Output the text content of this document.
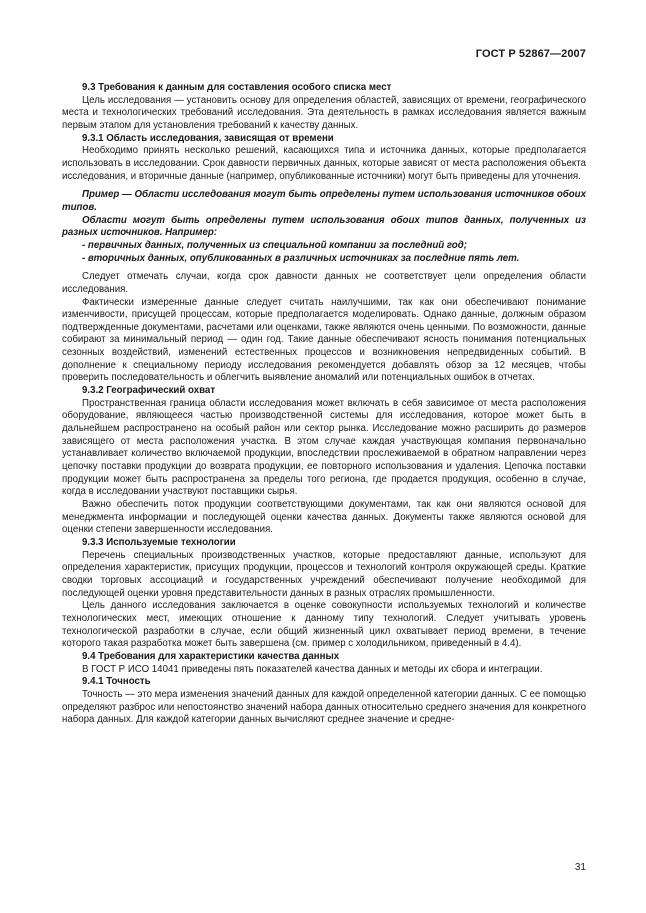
ГОСТ Р 52867—2007

9.3 Требования к данным для составления особого списка мест

Цель исследования — установить основу для определения областей, зависящих от времени, географического места и технологических требований исследования. Эта деятельность в рамках исследования является важным первым этапом для установления требований к качеству данных.

9.3.1 Область исследования, зависящая от времени

Необходимо принять несколько решений, касающихся типа и источника данных, которые предполагается использовать в исследовании. Срок давности первичных данных, которые зависят от места расположения объекта исследования, и вторичные данные (например, опубликованные источники) могут быть приведены для уточнения.

Пример — Области исследования могут быть определены путем использования источников обоих типов.

Области могут быть определены путем использования обоих типов данных, полученных из разных источников. Например:

- первичных данных, полученных из специальной компании за последний год;

- вторичных данных, опубликованных в различных источниках за последние пять лет.

Следует отмечать случаи, когда срок давности данных не соответствует цели определения области исследования.

Фактически измеренные данные следует считать наилучшими, так как они обеспечивают понимание изменчивости, присущей процессам, которые предполагается моделировать. Однако данные, должным образом подтвержденные документами, расчетами или оценками, также являются очень ценными. По возможности, данные собирают за минимальный период — один год. Такие данные обеспечивают ясность понимания потенциальных сезонных воздействий, изменений естественных процессов и возникновения непредвиденных событий. В дополнение к специальному периоду исследования рекомендуется добавлять обзор за 12 месяцев, чтобы проверить последовательность и облегчить выявление аномалий или потенциальных ошибок в отчетах.

9.3.2 Географический охват

Пространственная граница области исследования может включать в себя зависимое от места расположения оборудование, являющееся частью производственной системы для исследования, которое может быть в дальнейшем распространено на особый район или сектор рынка. Исследование можно расширить до размеров зависящего от места расположения участка. В этом случае каждая участвующая компания первоначально устанавливает количество включаемой продукции, впоследствии прослеживаемой в обратном направлении через цепочку поставки продукции до возврата продукции, ее повторного использования и удаления. Цепочка поставки продукции может быть распространена за пределы того региона, где продается продукция, особенно в случае, когда в исследовании участвуют поставщики сырья.

Важно обеспечить поток продукции соответствующими документами, так как они являются основой для менеджмента информации и последующей оценки качества данных. Документы также являются основой для оценки степени завершенности исследования.

9.3.3 Используемые технологии

Перечень специальных производственных участков, которые предоставляют данные, используют для определения характеристик, присущих продукции, процессов и технологий контроля окружающей среды. Краткие сводки торговых ассоциаций и государственных учреждений обеспечивают получение необходимой для последующей оценки уровня представительности данных в разных отраслях промышленности.

Цель данного исследования заключается в оценке совокупности используемых технологий и количестве технологических мест, имеющих отношение к данному типу технологий. Следует учитывать уровень технологической разработки в случае, если общий жизненный цикл охватывает период времени, в течение которого такая разработка может быть завершена (см. пример с холодильником, приведенный в 4.4).

9.4 Требования для характеристики качества данных

В ГОСТ Р ИСО 14041 приведены пять показателей качества данных и методы их сбора и интеграции.

9.4.1 Точность

Точность — это мера изменения значений данных для каждой определенной категории данных. С ее помощью определяют разброс или непостоянство значений набора данных относительно среднего значения для конкретного набора данных. Для каждой категории данных вычисляют среднее значение и средне-

31
